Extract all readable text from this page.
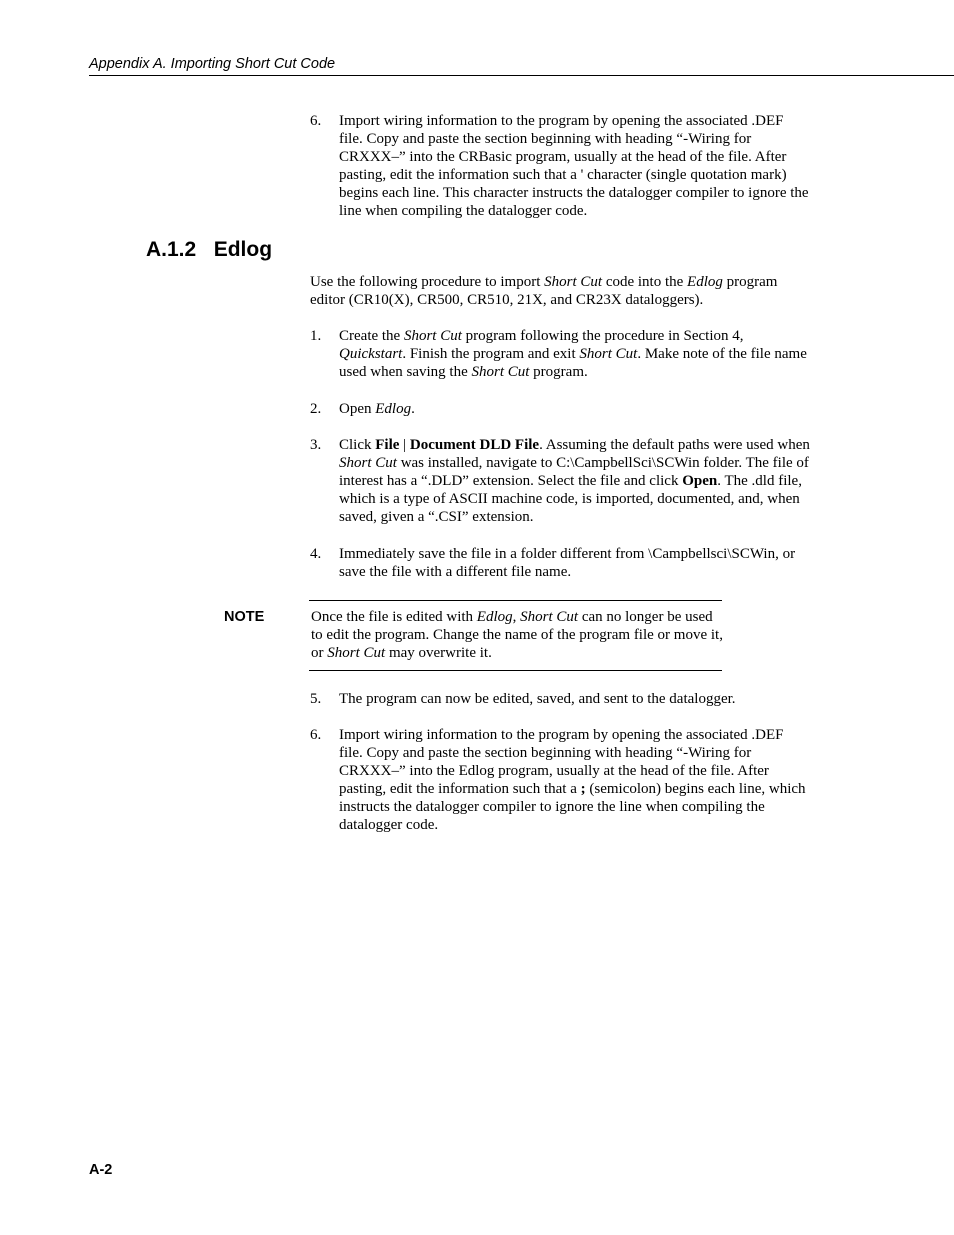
Appendix A. Importing Short Cut Code
6. Import wiring information to the program by opening the associated .DEF file. Copy and paste the section beginning with heading “-Wiring for CRXXX–” into the CRBasic program, usually at the head of the file. After pasting, edit the information such that a ' character (single quotation mark) begins each line. This character instructs the datalogger compiler to ignore the line when compiling the datalogger code.
A.1.2 Edlog
Use the following procedure to import Short Cut code into the Edlog program editor (CR10(X), CR500, CR510, 21X, and CR23X dataloggers).
1. Create the Short Cut program following the procedure in Section 4, Quickstart. Finish the program and exit Short Cut. Make note of the file name used when saving the Short Cut program.
2. Open Edlog.
3. Click File | Document DLD File. Assuming the default paths were used when Short Cut was installed, navigate to C:\CampbellSci\SCWin folder. The file of interest has a “.DLD” extension. Select the file and click Open. The .dld file, which is a type of ASCII machine code, is imported, documented, and, when saved, given a “.CSI” extension.
4. Immediately save the file in a folder different from \Campbellsci\SCWin, or save the file with a different file name.
NOTE	Once the file is edited with Edlog, Short Cut can no longer be used to edit the program. Change the name of the program file or move it, or Short Cut may overwrite it.
5. The program can now be edited, saved, and sent to the datalogger.
6. Import wiring information to the program by opening the associated .DEF file. Copy and paste the section beginning with heading “-Wiring for CRXXX–” into the Edlog program, usually at the head of the file. After pasting, edit the information such that a ; (semicolon) begins each line, which instructs the datalogger compiler to ignore the line when compiling the datalogger code.
A-2
